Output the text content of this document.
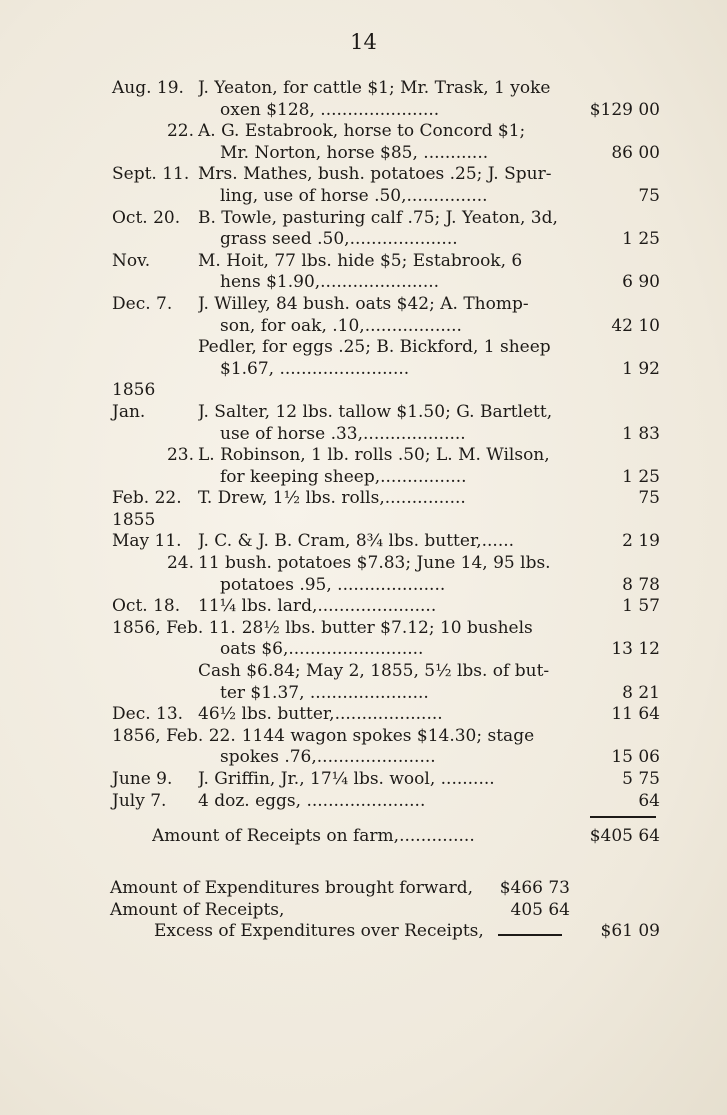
14
Aug. 19. J. Yeaton, for cattle $1; Mr. Trask, 1 yoke
oxen $128, ......................	$129 00
22. A. G. Estabrook, horse to Concord $1;
Mr. Norton, horse $85, ............	86 00
Sept. 11. Mrs. Mathes, bush. potatoes .25; J. Spur-
ling, use of horse .50,...............	75
Oct. 20.	B. Towle, pasturing calf .75; J. Yeaton, 3d,
grass seed .50,....................	1 25
Nov.	M. Hoit, 77 lbs. hide $5; Estabrook, 6
hens $1.90,......................	6 90
Dec. 7.	J. Willey, 84 bush. oats $42; A. Thomp-
son, for oak, .10,..................	42 10
Pedler, for eggs .25; B. Bickford, 1 sheep
$1.67, ........................	1 92
1856
Jan.	J. Salter, 12 lbs. tallow $1.50; G. Bartlett,
use of horse .33,...................	1 83
23. L. Robinson, 1 lb. rolls .50; L. M. Wilson,
for keeping sheep,................	1 25
Feb. 22. T. Drew, 1½ lbs. rolls,...............	75
1855
May 11. J. C. & J. B. Cram, 8¾ lbs. butter,......	2 19
24. 11 bush. potatoes $7.83; June 14, 95 lbs.
potatoes .95, ....................	8 78
Oct. 18.	11¼ lbs. lard,......................	1 57
1856, Feb. 11. 28½ lbs. butter $7.12; 10 bushels
oats $6,.........................	13 12
Cash $6.84; May 2, 1855, 5½ lbs. of but-
ter $1.37, ......................	8 21
Dec. 13. 46½ lbs. butter,....................	11 64
1856, Feb. 22. 1144 wagon spokes $14.30; stage
spokes .76,......................	15 06
June 9.	J. Griffin, Jr., 17¼ lbs. wool, ..........	5 75
July 7.	4 doz. eggs, ......................	64
Amount of Receipts on farm,..............	$405 64
Amount of Expenditures brought forward,	$466 73
Amount of Receipts,	405 64
Excess of Expenditures over Receipts,	$61 09
